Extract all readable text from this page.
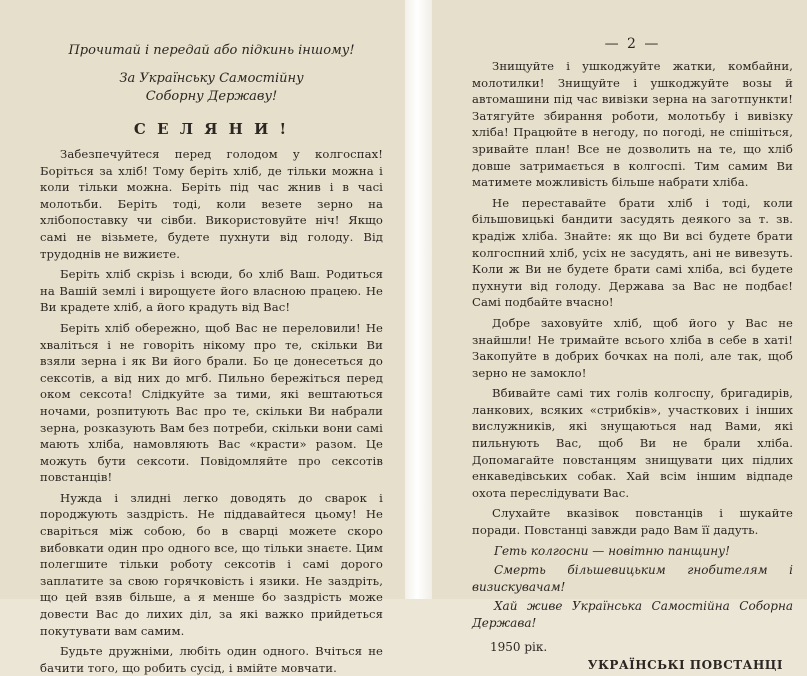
Прочитай і передай або підкинь іншому!

За Українську Самостійну

Соборну Державу!

С Е Л Я Н И !

Забезпечуйтеся перед голодом у колгоспах! Боріться за хліб! Тому беріть хліб, де тільки можна і коли тільки можна. Беріть під час жнив і в часі молотьби. Беріть тоді, коли везете зерно на хлібопоставку чи сівби. Використовуйте ніч! Якщо самі не візьмете, будете пухнути від голоду. Від трудоднів не вижиєте.

Беріть хліб скрізь і всюди, бо хліб Ваш. Родиться на Вашій землі і вирощуєте його власною працею. Не Ви крадете хліб, а його крадуть від Вас!

Беріть хліб обережно, щоб Вас не переловили! Не хваліться і не говоріть нікому про те, скільки Ви взяли зерна і як Ви його брали. Бо це донесеться до сексотів, а від них до мгб. Пильно бережіться перед оком сексота! Слідкуйте за тими, які вештаються ночами, розпитують Вас про те, скільки Ви набрали зерна, розказують Вам без потреби, скільки вони самі мають хліба, намовляють Вас «красти» разом. Це можуть бути сексоти. Повідомляйте про сексотів повстанців!

Нужда і злидні легко доводять до сварок і породжують заздрість. Не піддавайтеся цьому! Не сваріться між собою, бо в сварці можете скоро вибовкати один про одного все, що тільки знаєте. Цим полегшите тільки роботу сексотів і самі дорого заплатите за свою горячковість і язики. Не заздріть, що цей взяв більше, а я менше бо заздрість може довести Вас до лихих діл, за які важко прийдеться покутувати вам самим.

Будьте дружніми, любіть один одного. Вчіться не бачити того, що робить сусід, і вмійте мовчати.

— 2 —

Знищуйте і ушкоджуйте жатки, комбайни, молотилки! Знищуйте і ушкоджуйте возы й автомашини під час вивізки зерна на заготпункти! Затягуйте збирання роботи, молотьбу і вивізку хліба! Працюйте в негоду, по погоді, не спішіться, зривайте план! Все не дозволить на те, що хліб довше затримається в колгоспі. Тим самим Ви матимете можливість більше набрати хліба.

Не переставайте брати хліб і тоді, коли більшовицькі бандити засудять деякого за т. зв. крадіж хліба. Знайте: як що Ви всі будете брати колгоспний хліб, усіх не засудять, ані не вивезуть. Коли ж Ви не будете брати самі хліба, всі будете пухнути від голоду. Держава за Вас не подбає! Самі подбайте вчасно!

Добре заховуйте хліб, щоб його у Вас не знайшли! Не тримайте всього хліба в себе в хаті! Закопуйте в добрих бочках на полі, але так, щоб зерно не замокло!

Вбивайте самі тих голів колгоспу, бригадирів, ланкових, всяких «стрибків», участкових і інших вислужників, які знущаються над Вами, які пильнують Вас, щоб Ви не брали хліба. Допомагайте повстанцям знищувати цих підлих енкаведівських собак. Хай всім іншим відпаде охота переслідувати Вас.

Слухайте вказівок повстанців і шукайте поради. Повстанці завжди радо Вам її дадуть.

Геть колгосни — новітню панщину!

Смерть більшевицьким гнобителям і визискувачам!

Хай живе Українська Самостійна Соборна Держава!

1950 рік.

УКРАЇНСЬКІ ПОВСТАНЦІ
